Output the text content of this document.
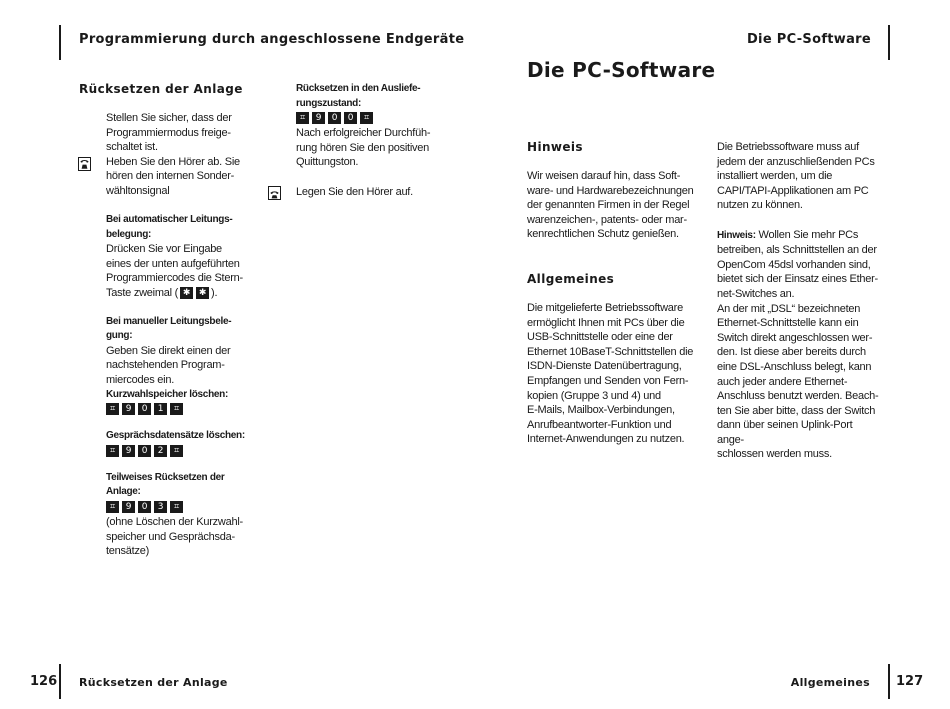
Programmierung durch angeschlossene Endgeräte	Die PC-Software
Rücksetzen der Anlage
Stellen Sie sicher, dass der
Programmiermodus freige-
schaltet ist.
Heben Sie den Hörer ab. Sie
hören den internen Sonder-
wähltonsignal
Bei automatischer Leitungs-
belegung:
Drücken Sie vor Eingabe
eines der unten aufgeführten
Programmiercodes die Stern-
Taste zweimal ( ✱ ✱ ).
Bei manueller Leitungsbele-
gung:
Geben Sie direkt einen der
nachstehenden Program-
miercodes ein.
Kurzwahlspeicher löschen:
⌗	9	0	1	⌗
Gesprächsdatensätze löschen:
⌗	9	0	2	⌗
Teilweises Rücksetzen der
Anlage:
⌗	9	0	3	⌗
(ohne Löschen der Kurzwahl-
speicher und Gesprächsda-
tensätze)
Rücksetzen in den Ausliefe-
rungszustand:
⌗	9	0	0	⌗
Nach erfolgreicher Durchfüh-
rung hören Sie den positiven
Quittungston.
Legen Sie den Hörer auf.
Die PC-Software
Hinweis
Wir weisen darauf hin, dass Soft-
ware- und Hardwarebezeichnungen
der genannten Firmen in der Regel
warenzeichen-, patents- oder mar-
kenrechtlichen Schutz genießen.
Allgemeines
Die mitgelieferte Betriebssoftware
ermöglicht Ihnen mit PCs über die
USB-Schnittstelle oder eine der
Ethernet 10BaseT-Schnittstellen die
ISDN-Dienste Datenübertragung,
Empfangen und Senden von Fern-
kopien (Gruppe 3 und 4) und
E-Mails, Mailbox-Verbindungen,
Anrufbeantworter-Funktion und
Internet-Anwendungen zu nutzen.
Die Betriebssoftware muss auf
jedem der anzuschließenden PCs
installiert werden, um die
CAPI/TAPI-Applikationen am PC
nutzen zu können.
Hinweis: Wollen Sie mehr PCs
betreiben, als Schnittstellen an der
OpenCom 45dsl vorhanden sind,
bietet sich der Einsatz eines Ether-
net-Switches an.
An der mit „DSL“ bezeichneten
Ethernet-Schnittstelle kann ein
Switch direkt angeschlossen wer-
den. Ist diese aber bereits durch
eine DSL-Anschluss belegt, kann
auch jeder andere Ethernet-
Anschluss benutzt werden. Beach-
ten Sie aber bitte, dass der Switch
dann über seinen Uplink-Port ange-
schlossen werden muss.
126 Rücksetzen der Anlage	Allgemeines 127
